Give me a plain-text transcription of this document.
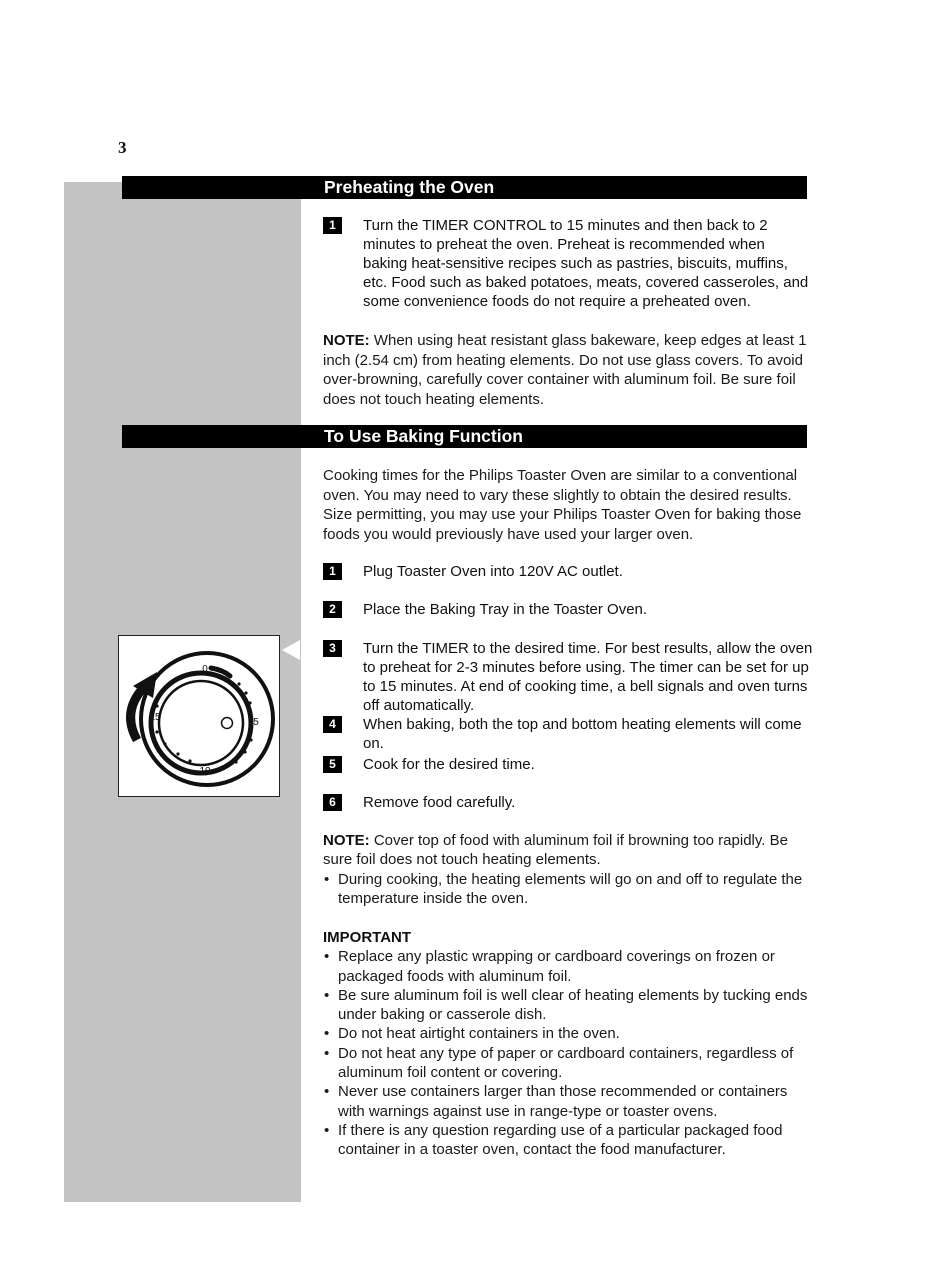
3
Preheating the Oven
1	Turn the TIMER CONTROL to 15 minutes and then back to 2 minutes to preheat the oven. Preheat is recommended when baking heat-sensitive recipes such as pastries, biscuits, muffins, etc. Food such as baked potatoes, meats, covered casseroles, and some convenience foods do not require a preheated oven.
NOTE: When using heat resistant glass bakeware, keep edges at least 1 inch (2.54 cm) from heating elements. Do not use glass covers. To avoid over-browning, carefully cover container with aluminum foil. Be sure foil does not touch heating elements.
To Use Baking Function
Cooking times for the Philips Toaster Oven are similar to a conventional oven. You may need to vary these slightly to obtain the desired results. Size permitting, you may use your Philips Toaster Oven for baking those foods you would previously have used your larger oven.
1	Plug Toaster Oven into 120V AC outlet.
2	Place the Baking Tray in the Toaster Oven.
3	Turn the TIMER to the desired time. For best results, allow the oven to preheat for 2-3 minutes before using. The timer can be set for up to 15 minutes. At end of cooking time, a bell signals and oven turns off automatically.
4	When baking, both the top and bottom heating elements will come on.
5	Cook for the desired time.
6	Remove food carefully.
NOTE: Cover top of food with aluminum foil if browning too rapidly. Be sure foil does not touch heating elements.
• During cooking, the heating elements will go on and off to regulate the temperature inside the oven.
IMPORTANT
• Replace any plastic wrapping or cardboard coverings on frozen or packaged foods with aluminum foil.
• Be sure aluminum foil is well clear of heating elements by tucking ends under baking or casserole dish.
• Do not heat airtight containers in the oven.
• Do not heat any type of paper or cardboard containers, regardless of aluminum foil content or covering.
• Never use containers larger than those recommended or containers with warnings against use in range-type or toaster ovens.
• If there is any question regarding use of a particular packaged food container in a toaster oven, contact the food manufacturer.
0
5
10
15
